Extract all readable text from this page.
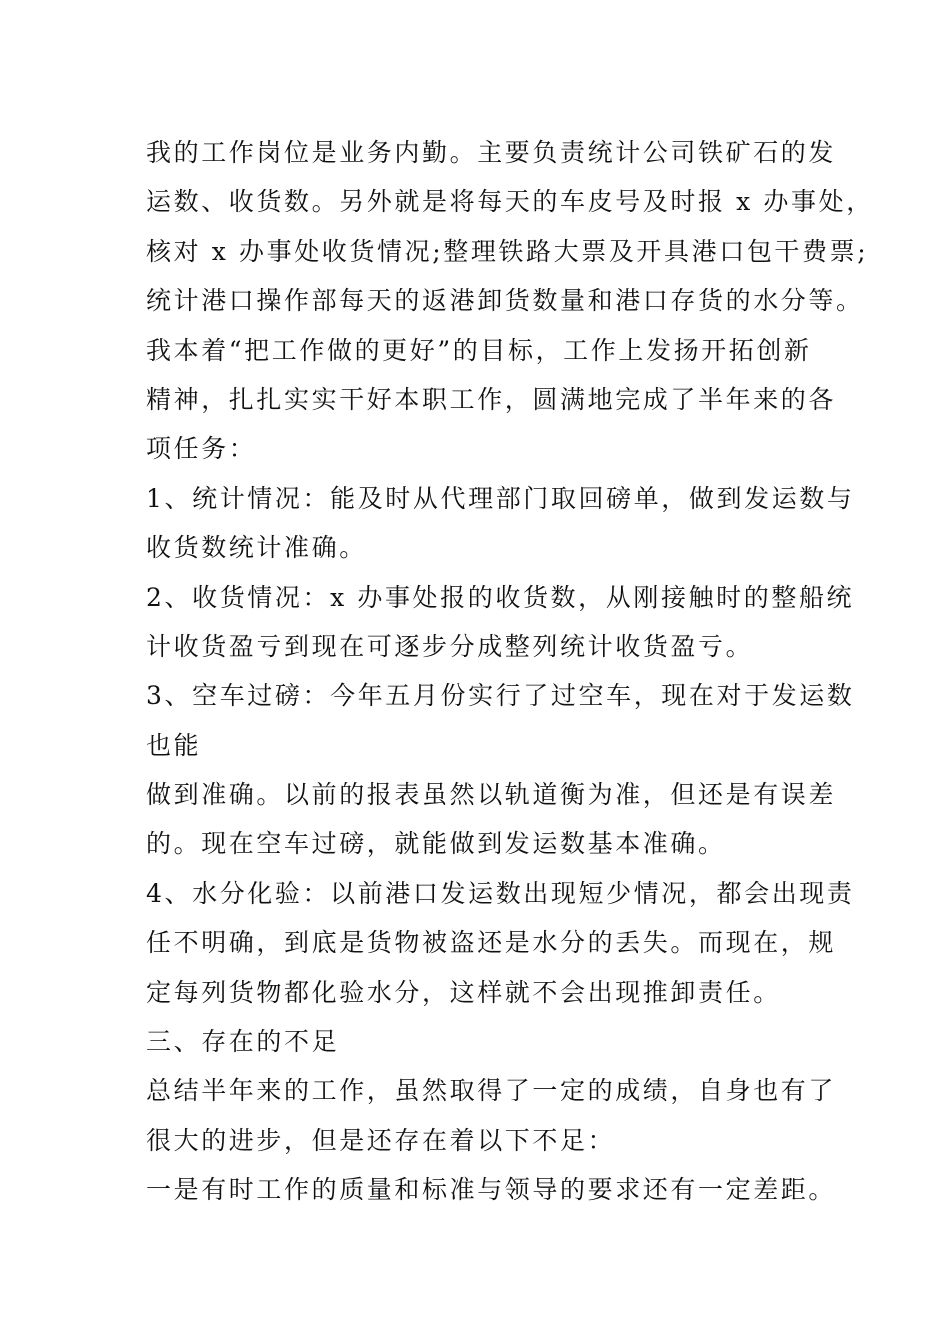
我的工作岗位是业务内勤。主要负责统计公司铁矿石的发
运数、收货数。另外就是将每天的车皮号及时报 x 办事处，
核对 x 办事处收货情况;整理铁路大票及开具港口包干费票;
统计港口操作部每天的返港卸货数量和港口存货的水分等。
我本着“把工作做的更好”的目标，工作上发扬开拓创新
精神，扎扎实实干好本职工作，圆满地完成了半年来的各
项任务：
1、统计情况：能及时从代理部门取回磅单，做到发运数与
收货数统计准确。
2、收货情况：x 办事处报的收货数，从刚接触时的整船统
计收货盈亏到现在可逐步分成整列统计收货盈亏。
3、空车过磅：今年五月份实行了过空车，现在对于发运数
也能
做到准确。以前的报表虽然以轨道衡为准，但还是有误差
的。现在空车过磅，就能做到发运数基本准确。
4、水分化验：以前港口发运数出现短少情况，都会出现责
任不明确，到底是货物被盗还是水分的丢失。而现在，规
定每列货物都化验水分，这样就不会出现推卸责任。
三、存在的不足
总结半年来的工作，虽然取得了一定的成绩，自身也有了
很大的进步，但是还存在着以下不足：
一是有时工作的质量和标准与领导的要求还有一定差距。
